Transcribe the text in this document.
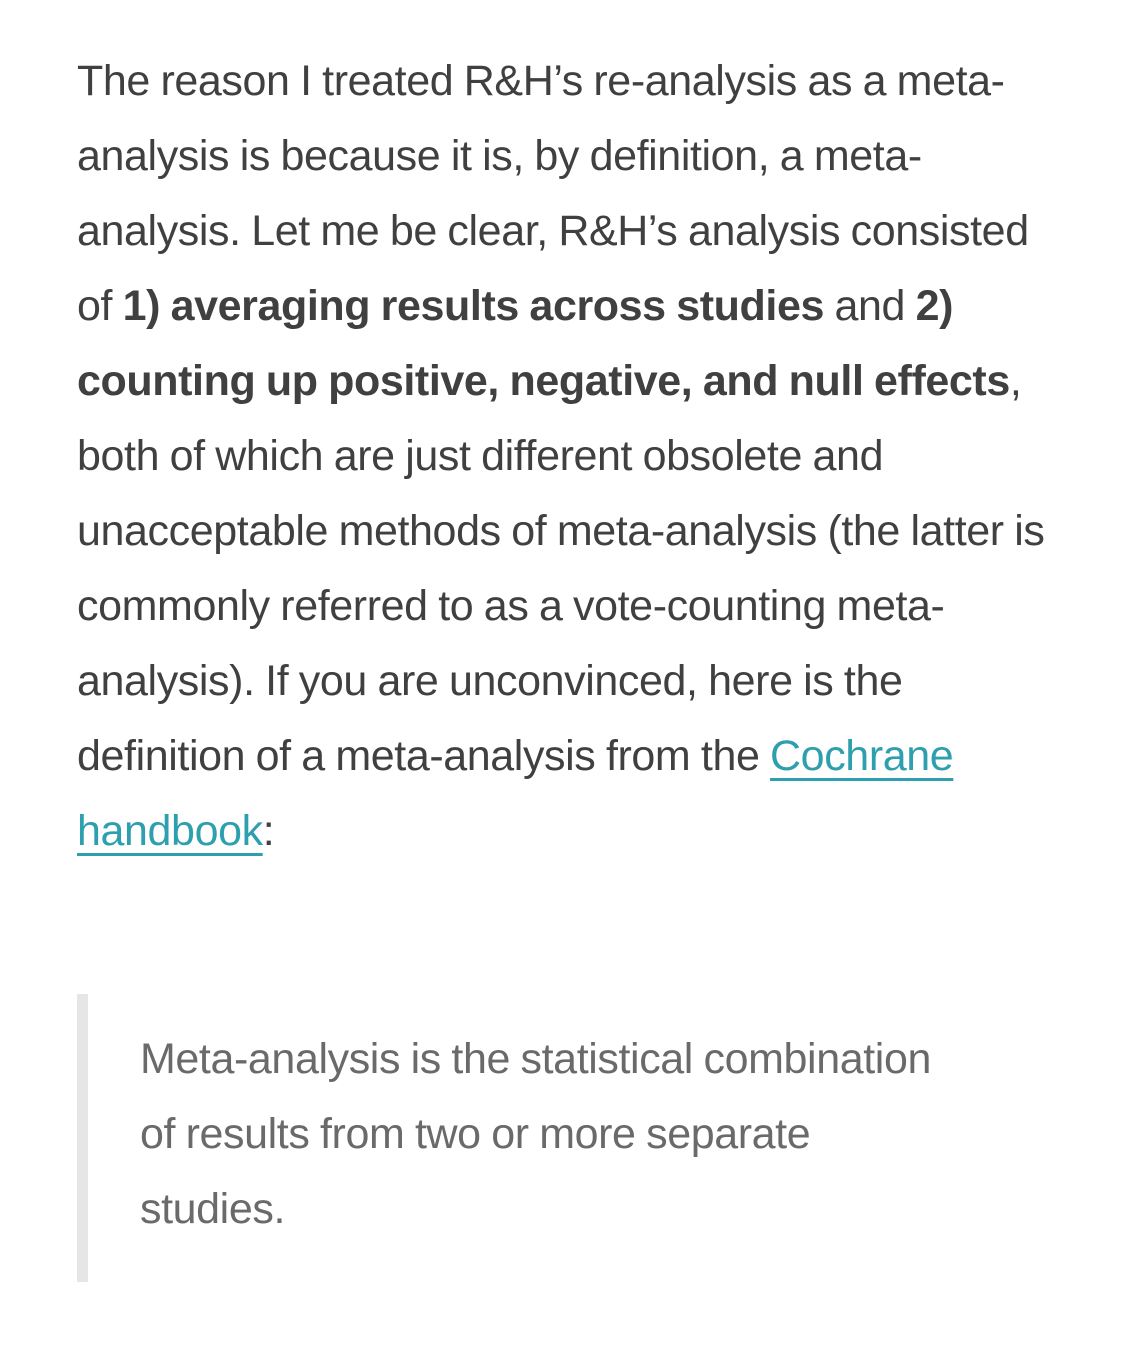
The reason I treated R&H’s re-analysis as a meta-analysis is because it is, by definition, a meta-analysis. Let me be clear, R&H’s analysis consisted of 1) averaging results across studies and 2) counting up positive, negative, and null effects, both of which are just different obsolete and unacceptable methods of meta-analysis (the latter is commonly referred to as a vote-counting meta-analysis). If you are unconvinced, here is the definition of a meta-analysis from the Cochrane handbook:

Meta-analysis is the statistical combination of results from two or more separate studies.
